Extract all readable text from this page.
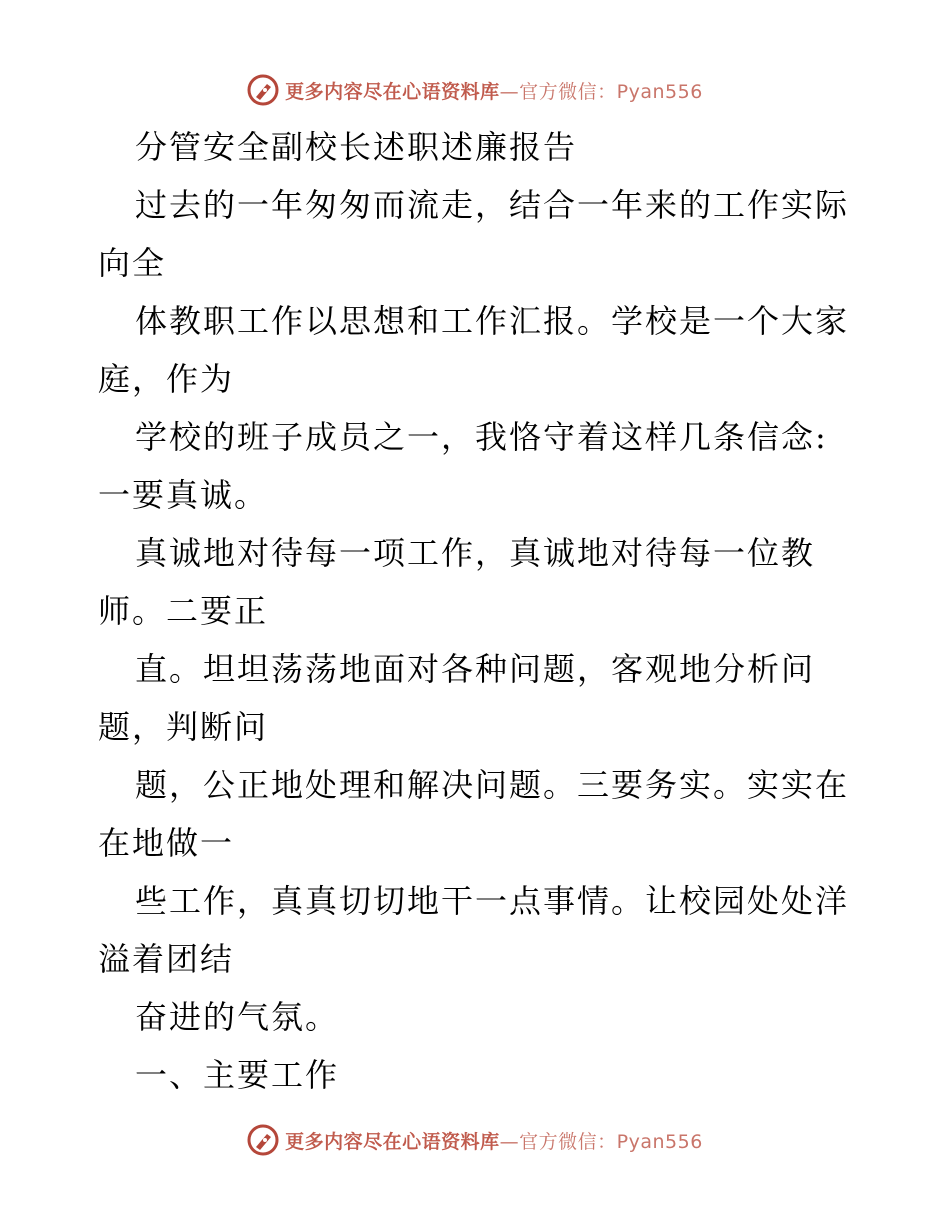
更多内容尽在心语资料库—官方微信：Pyan556
分管安全副校长述职述廉报告
过去的一年匆匆而流走，结合一年来的工作实际
向全
体教职工作以思想和工作汇报。学校是一个大家
庭，作为
学校的班子成员之一，我恪守着这样几条信念:
一要真诚。
真诚地对待每一项工作，真诚地对待每一位教
师。二要正
直。坦坦荡荡地面对各种问题，客观地分析问
题，判断问
题，公正地处理和解决问题。三要务实。实实在
在地做一
些工作，真真切切地干一点事情。让校园处处洋
溢着团结
奋进的气氛。
一、主要工作
更多内容尽在心语资料库—官方微信：Pyan556
